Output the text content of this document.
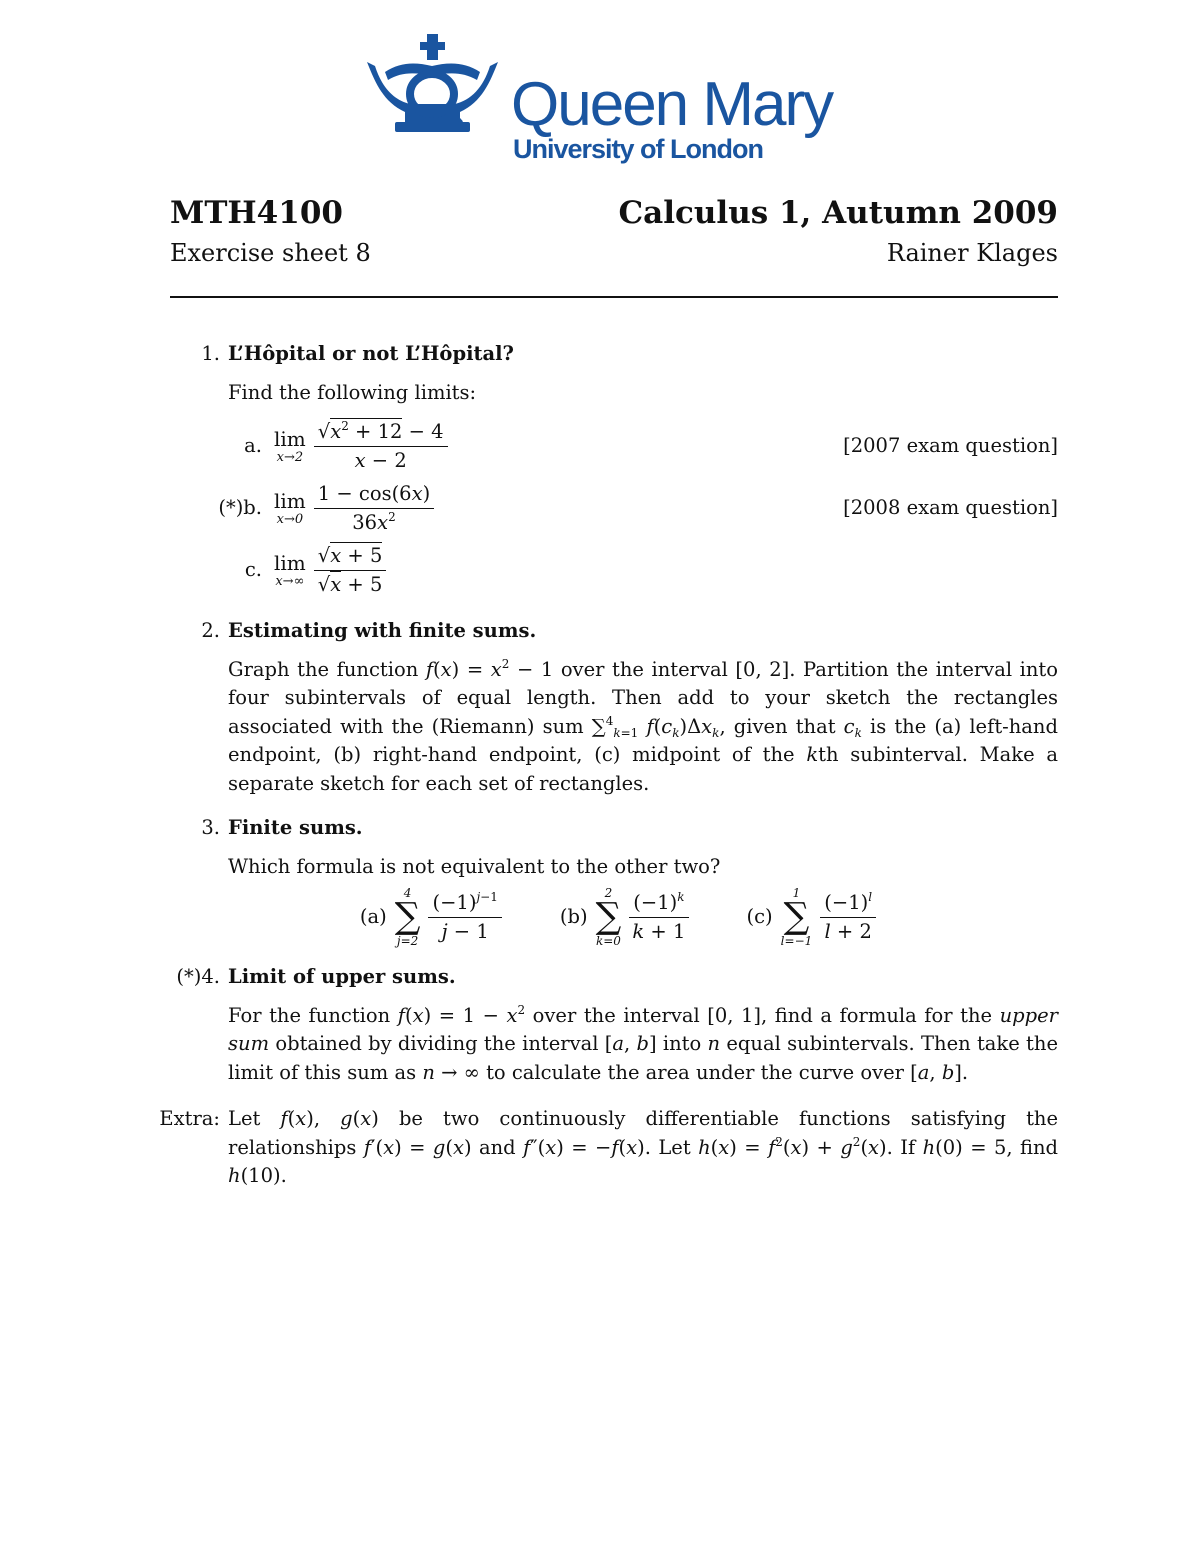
Queen Mary
University of London
MTH4100	Calculus 1, Autumn 2009
Exercise sheet 8	Rainer Klages
1. L’Hôpital or not L’Hôpital?
Find the following limits:
a. lim
$x\to 2 \frac{√x^2 + 12 - 4}{x - 2}$	[2007 exam question]
(*)b. lim
$x\to 0 \frac{1 - \cos(6x)}{36x^2}$	[2008 exam question]
c. lim
$x\to\infty \frac{√x + 5}{√x + 5}$
2. Estimating with finite sums.
Graph the function $f(x) = x^2 - 1$ over the interval [0, 2]. Partition the interval into four subintervals of equal length. Then add to your sketch the rectangles associated with the (Riemann) sum ∑$^4_{k=1}$ $f(c_k)\Delta x_k$, given that $c_k$ is the (a) left-hand endpoint, (b) right-hand endpoint, (c) midpoint of the kth subinterval. Make a separate sketch for each set of rectangles.
3. Finite sums.
Which formula is not equivalent to the other two?
(a)
4
∑
$j=2 \frac{(-1)^{j-1}}{j - 1}$	(b)
2
∑
$k=0 \frac{(-1)^k}{k + 1}$	(c)
1
∑
$l=-1 \frac{(-1)^l}{l + 2}$
(*)4. Limit of upper sums.
For the function $f(x) = 1 - x^2$ over the interval [0, 1], find a formula for the upper sum obtained by dividing the interval [a, b] into n equal subintervals. Then take the limit of this sum as n → ∞ to calculate the area under the curve over [a, b].
Extra: Let f(x), g(x) be two continuously differentiable functions satisfying the relationships f′(x) = g(x) and f″(x) = −f(x). Let $h(x) = f^2(x) + g^2(x)$. If h(0) = 5, find h(10).
